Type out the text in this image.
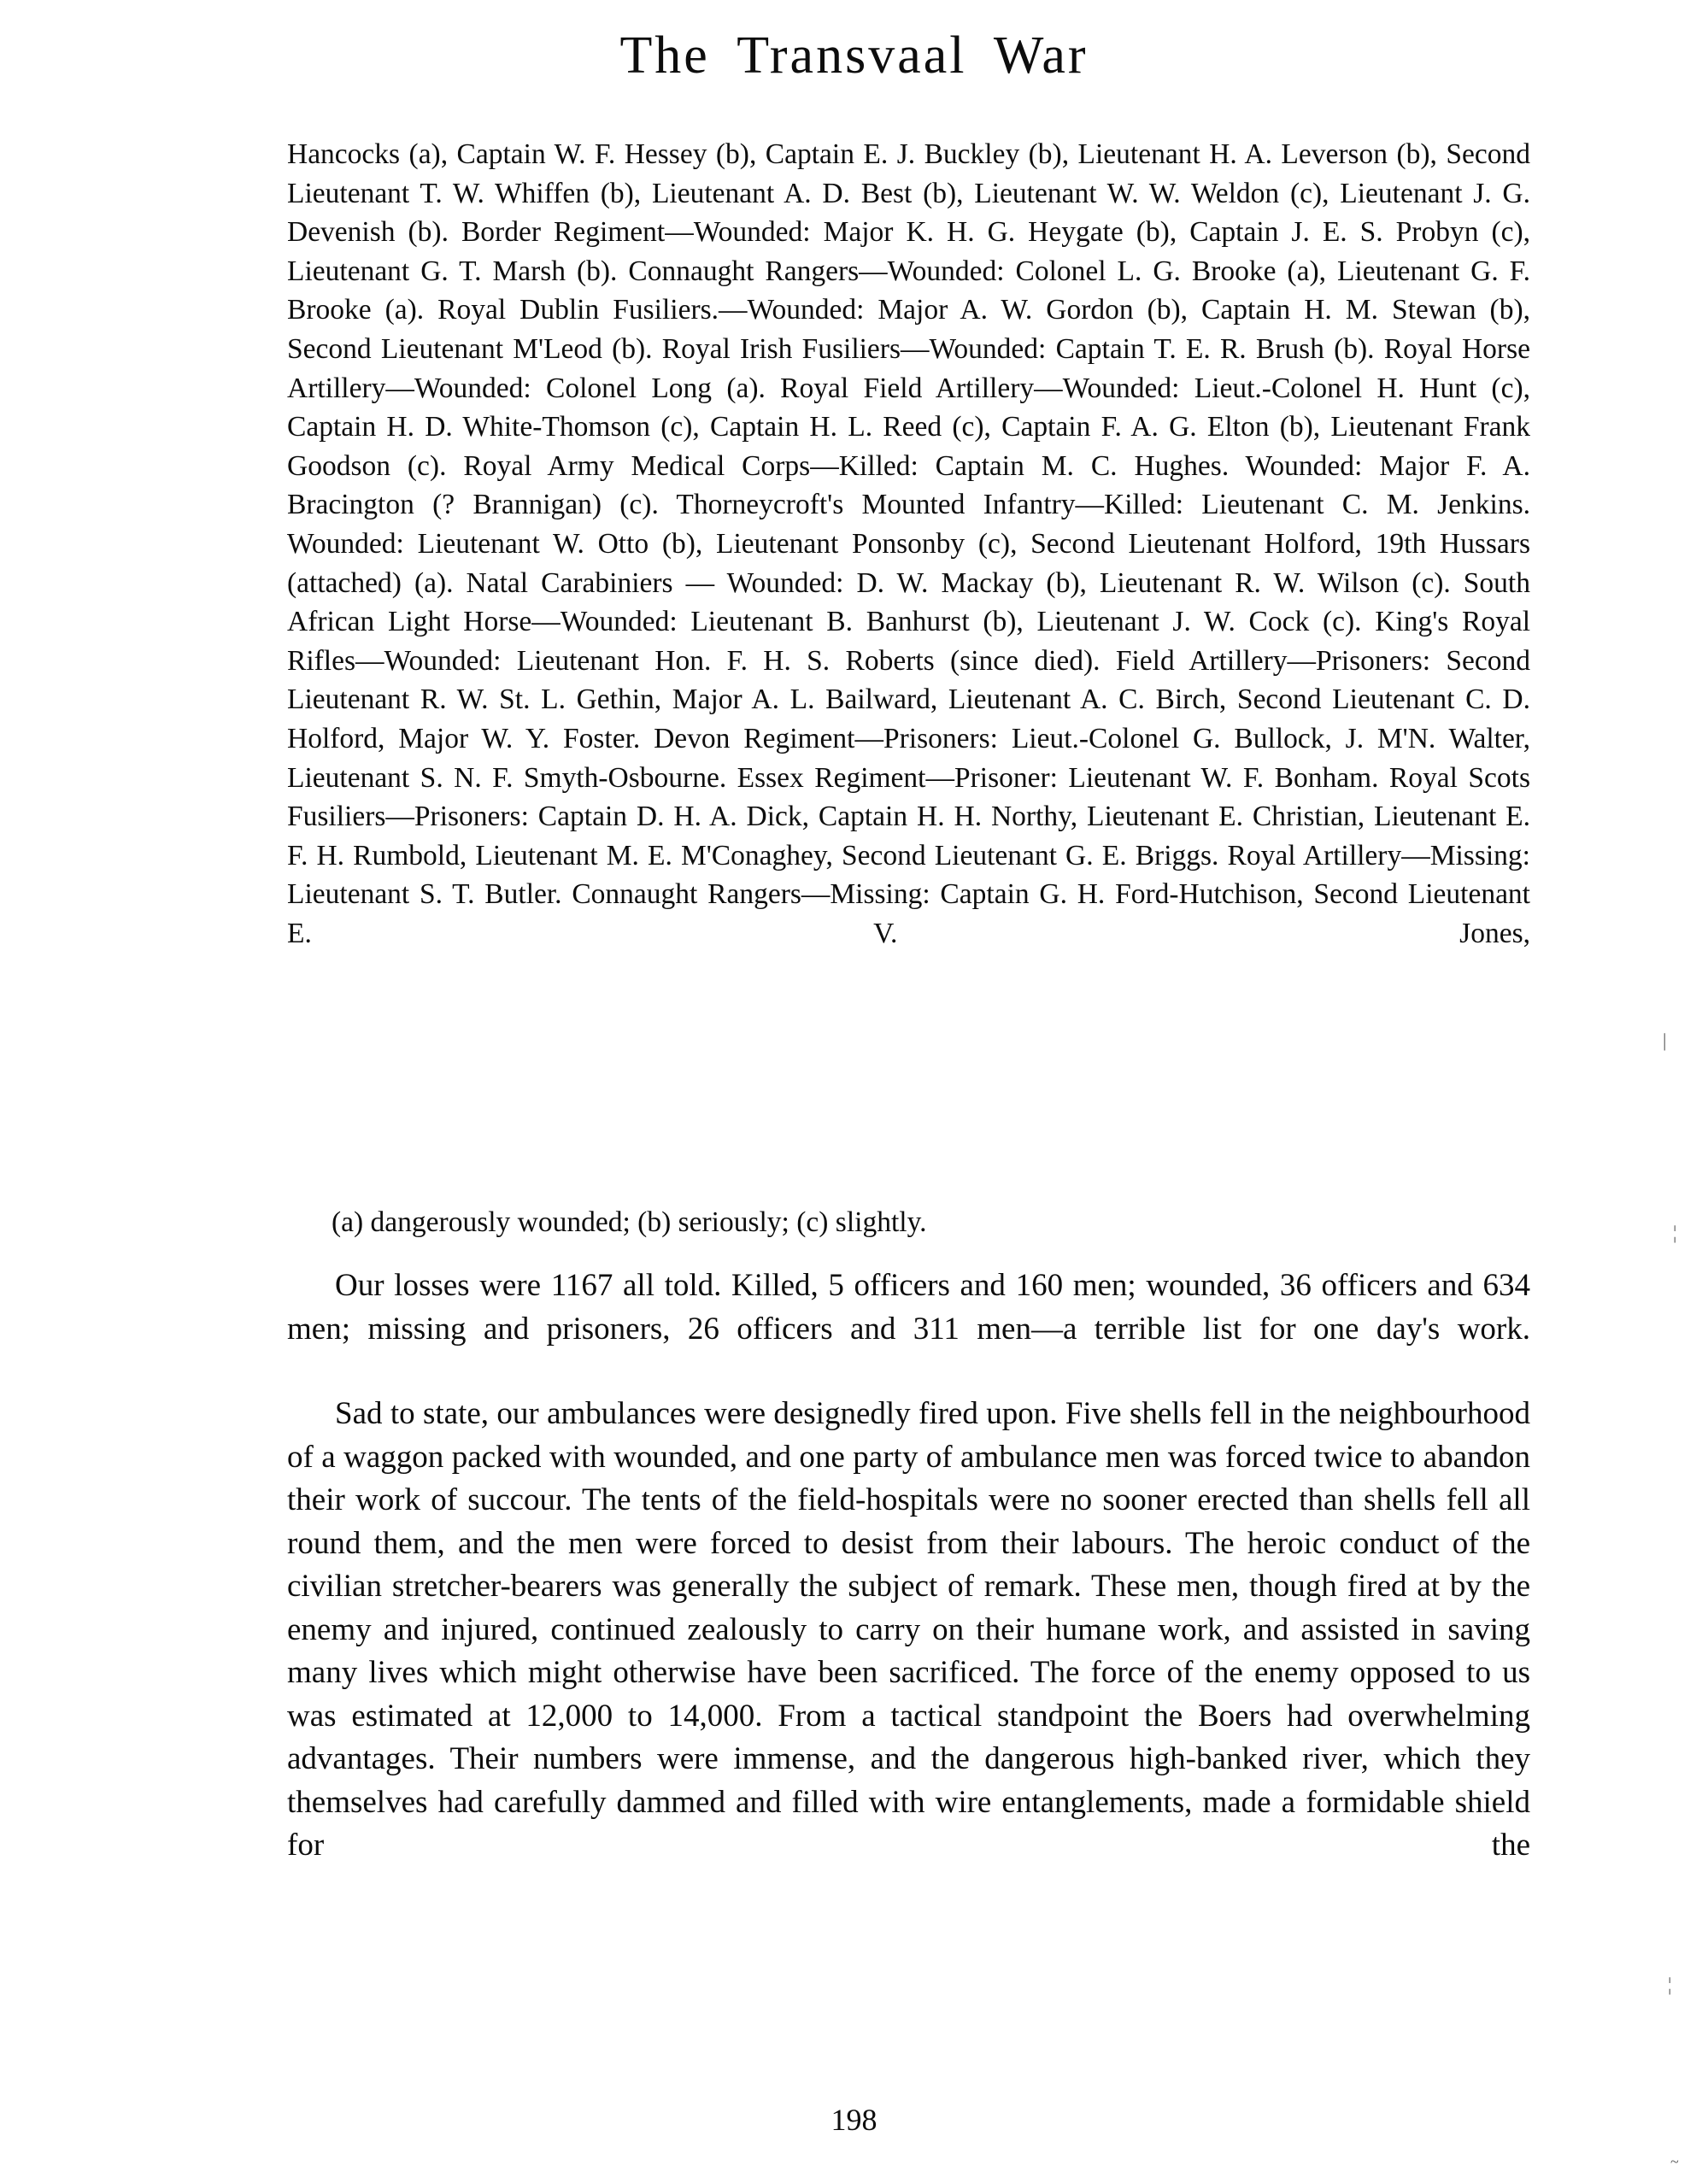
The Transvaal War
Hancocks (a), Captain W. F. Hessey (b), Captain E. J. Buckley (b), Lieutenant H. A. Leverson (b), Second Lieutenant T. W. Whiffen (b), Lieutenant A. D. Best (b), Lieutenant W. W. Weldon (c), Lieutenant J. G. Devenish (b). Border Regiment—Wounded: Major K. H. G. Heygate (b), Captain J. E. S. Probyn (c), Lieutenant G. T. Marsh (b). Connaught Rangers—Wounded: Colonel L. G. Brooke (a), Lieutenant G. F. Brooke (a). Royal Dublin Fusiliers.—Wounded: Major A. W. Gordon (b), Captain H. M. Stewan (b), Second Lieutenant M'Leod (b). Royal Irish Fusiliers—Wounded: Captain T. E. R. Brush (b). Royal Horse Artillery—Wounded: Colonel Long (a). Royal Field Artillery—Wounded: Lieut.-Colonel H. Hunt (c), Captain H. D. White-Thomson (c), Captain H. L. Reed (c), Captain F. A. G. Elton (b), Lieutenant Frank Goodson (c). Royal Army Medical Corps—Killed: Captain M. C. Hughes. Wounded: Major F. A. Bracington (? Brannigan) (c). Thorneycroft's Mounted Infantry—Killed: Lieutenant C. M. Jenkins. Wounded: Lieutenant W. Otto (b), Lieutenant Ponsonby (c), Second Lieutenant Holford, 19th Hussars (attached) (a). Natal Carabiniers — Wounded: D. W. Mackay (b), Lieutenant R. W. Wilson (c). South African Light Horse—Wounded: Lieutenant B. Banhurst (b), Lieutenant J. W. Cock (c). King's Royal Rifles—Wounded: Lieutenant Hon. F. H. S. Roberts (since died). Field Artillery—Prisoners: Second Lieutenant R. W. St. L. Gethin, Major A. L. Bailward, Lieutenant A. C. Birch, Second Lieutenant C. D. Holford, Major W. Y. Foster. Devon Regiment—Prisoners: Lieut.-Colonel G. Bullock, J. M'N. Walter, Lieutenant S. N. F. Smyth-Osbourne. Essex Regiment—Prisoner: Lieutenant W. F. Bonham. Royal Scots Fusiliers—Prisoners: Captain D. H. A. Dick, Captain H. H. Northy, Lieutenant E. Christian, Lieutenant E. F. H. Rumbold, Lieutenant M. E. M'Conaghey, Second Lieutenant G. E. Briggs. Royal Artillery—Missing: Lieutenant S. T. Butler. Connaught Rangers—Missing: Captain G. H. Ford-Hutchison, Second Lieutenant E. V. Jones,
(a) dangerously wounded; (b) seriously; (c) slightly.

Our losses were 1167 all told. Killed, 5 officers and 160 men; wounded, 36 officers and 634 men; missing and prisoners, 26 officers and 311 men—a terrible list for one day's work.

Sad to state, our ambulances were designedly fired upon. Five shells fell in the neighbourhood of a waggon packed with wounded, and one party of ambulance men was forced twice to abandon their work of succour. The tents of the field-hospitals were no sooner erected than shells fell all round them, and the men were forced to desist from their labours. The heroic conduct of the civilian stretcher-bearers was generally the subject of remark. These men, though fired at by the enemy and injured, continued zealously to carry on their humane work, and assisted in saving many lives which might otherwise have been sacrificed. The force of the enemy opposed to us was estimated at 12,000 to 14,000. From a tactical standpoint the Boers had overwhelming advantages. Their numbers were immense, and the dangerous high-banked river, which they themselves had carefully dammed and filled with wire entanglements, made a formidable shield for the

198
|
¦
¦
~
